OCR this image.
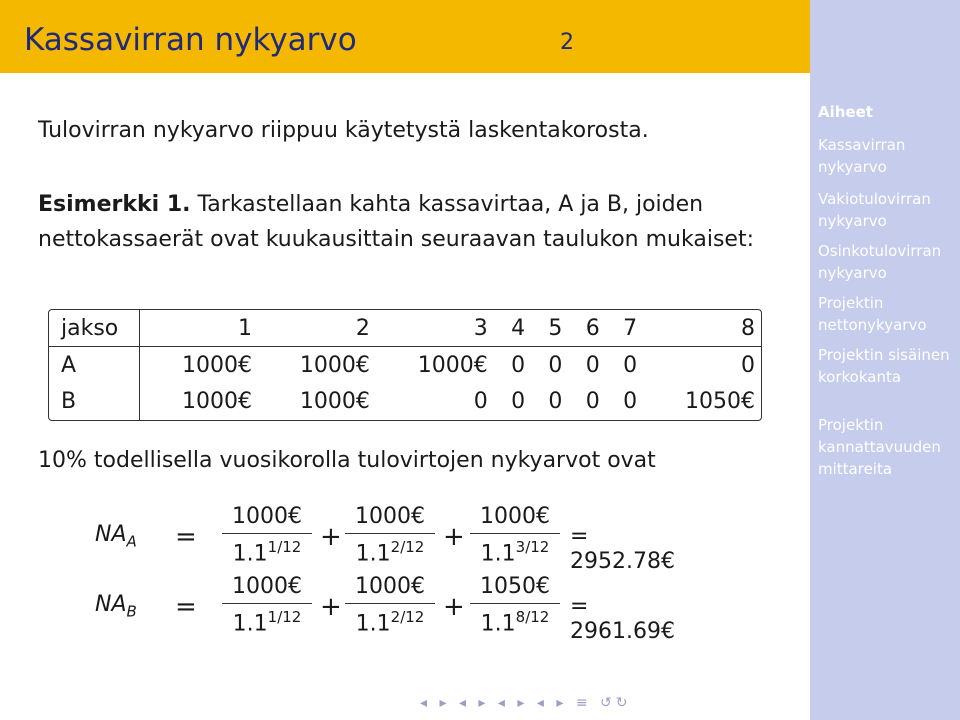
Kassavirran nykyarvo	2
Aiheet
Kassavirran nykyarvo
Vakiotulovirran nykyarvo
Osinkotulovirran nykyarvo
Projektin nettonykyarvo
Projektin sisäinen korkokanta
Projektin kannattavuuden mittareita
Tulovirran nykyarvo riippuu käytetystä laskentakorosta.
Esimerkki 1. Tarkastellaan kahta kassavirtaa, A ja B, joiden nettokassaerät ovat kuukausittain seuraavan taulukon mukaiset:
jakso	1	2	3	4	5	6	7	8
A	1000€	1000€	1000€	0	0	0	0	0
B	1000€	1000€	0	0	0	0	0	1050€
10% todellisella vuosikorolla tulovirtojen nykyarvot ovat
$NA_A = \frac{1000€}{1.1^{1/12}} + \frac{1000€}{1.1^{2/12}} + \frac{1000€}{1.1^{3/12}}$ = 2952.78€
$NA_B = \frac{1000€}{1.1^{1/12}} + \frac{1000€}{1.1^{2/12}} + \frac{1050€}{1.1^{8/12}}$ = 2961.69€
◂ ▸ ◂ ▸ ◂ ▸ ◂ ▸ ≡ ↺↻
